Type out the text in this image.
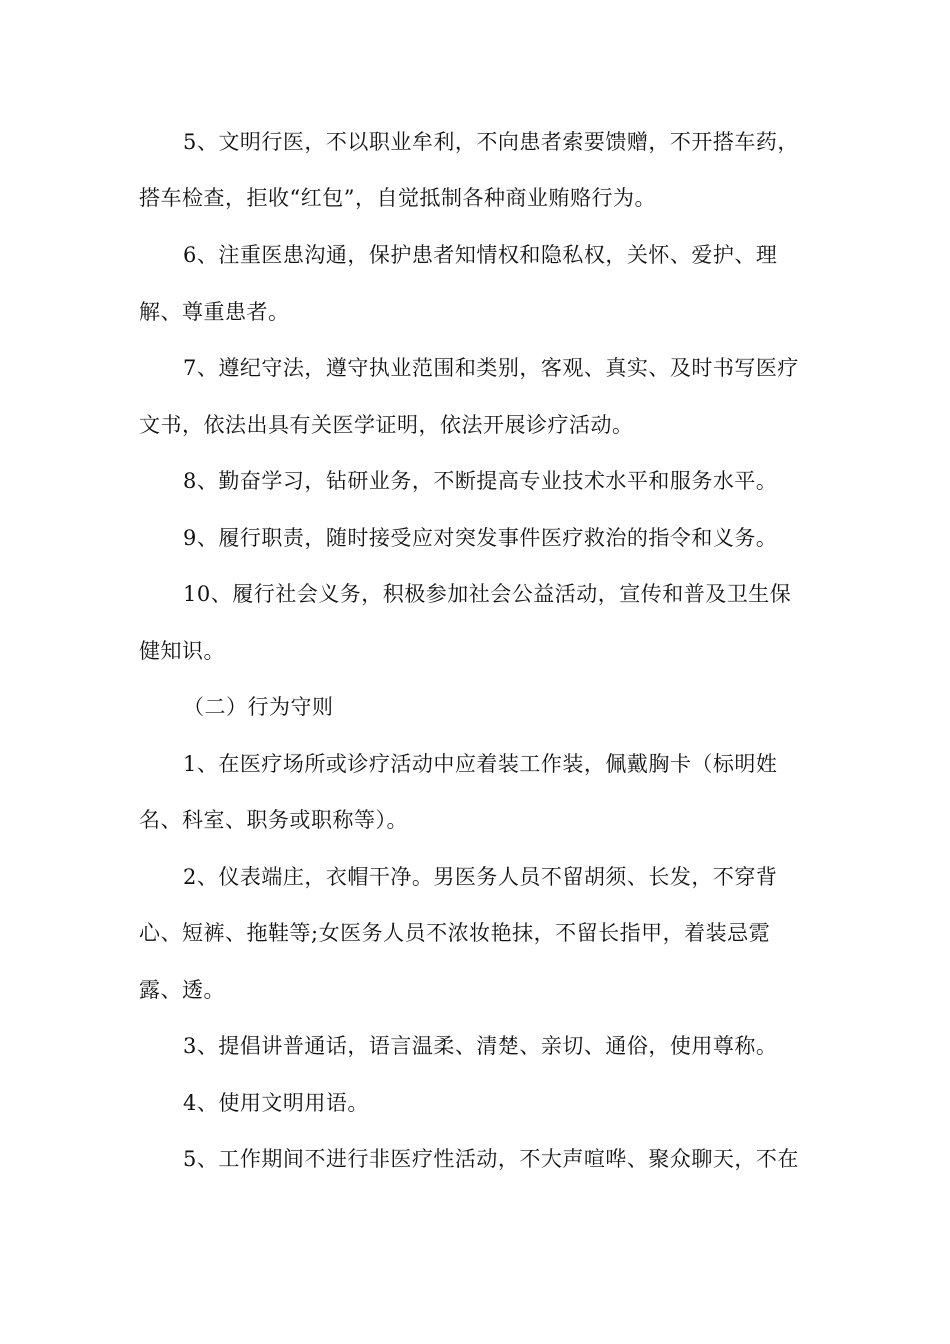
5、文明行医，不以职业牟利，不向患者索要馈赠，不开搭车药，
搭车检查，拒收“红包”，自觉抵制各种商业贿赂行为。
6、注重医患沟通，保护患者知情权和隐私权，关怀、爱护、理
解、尊重患者。
7、遵纪守法，遵守执业范围和类别，客观、真实、及时书写医疗
文书，依法出具有关医学证明，依法开展诊疗活动。
8、勤奋学习，钻研业务，不断提高专业技术水平和服务水平。
9、履行职责，随时接受应对突发事件医疗救治的指令和义务。
10、履行社会义务，积极参加社会公益活动，宣传和普及卫生保
健知识。
（二）行为守则
1、在医疗场所或诊疗活动中应着装工作装，佩戴胸卡（标明姓
名、科室、职务或职称等）。
2、仪表端庄，衣帽干净。男医务人员不留胡须、长发，不穿背
心、短裤、拖鞋等;女医务人员不浓妆艳抹，不留长指甲，着装忌霓
露、透。
3、提倡讲普通话，语言温柔、清楚、亲切、通俗，使用尊称。
4、使用文明用语。
5、工作期间不进行非医疗性活动，不大声喧哗、聚众聊天，不在
